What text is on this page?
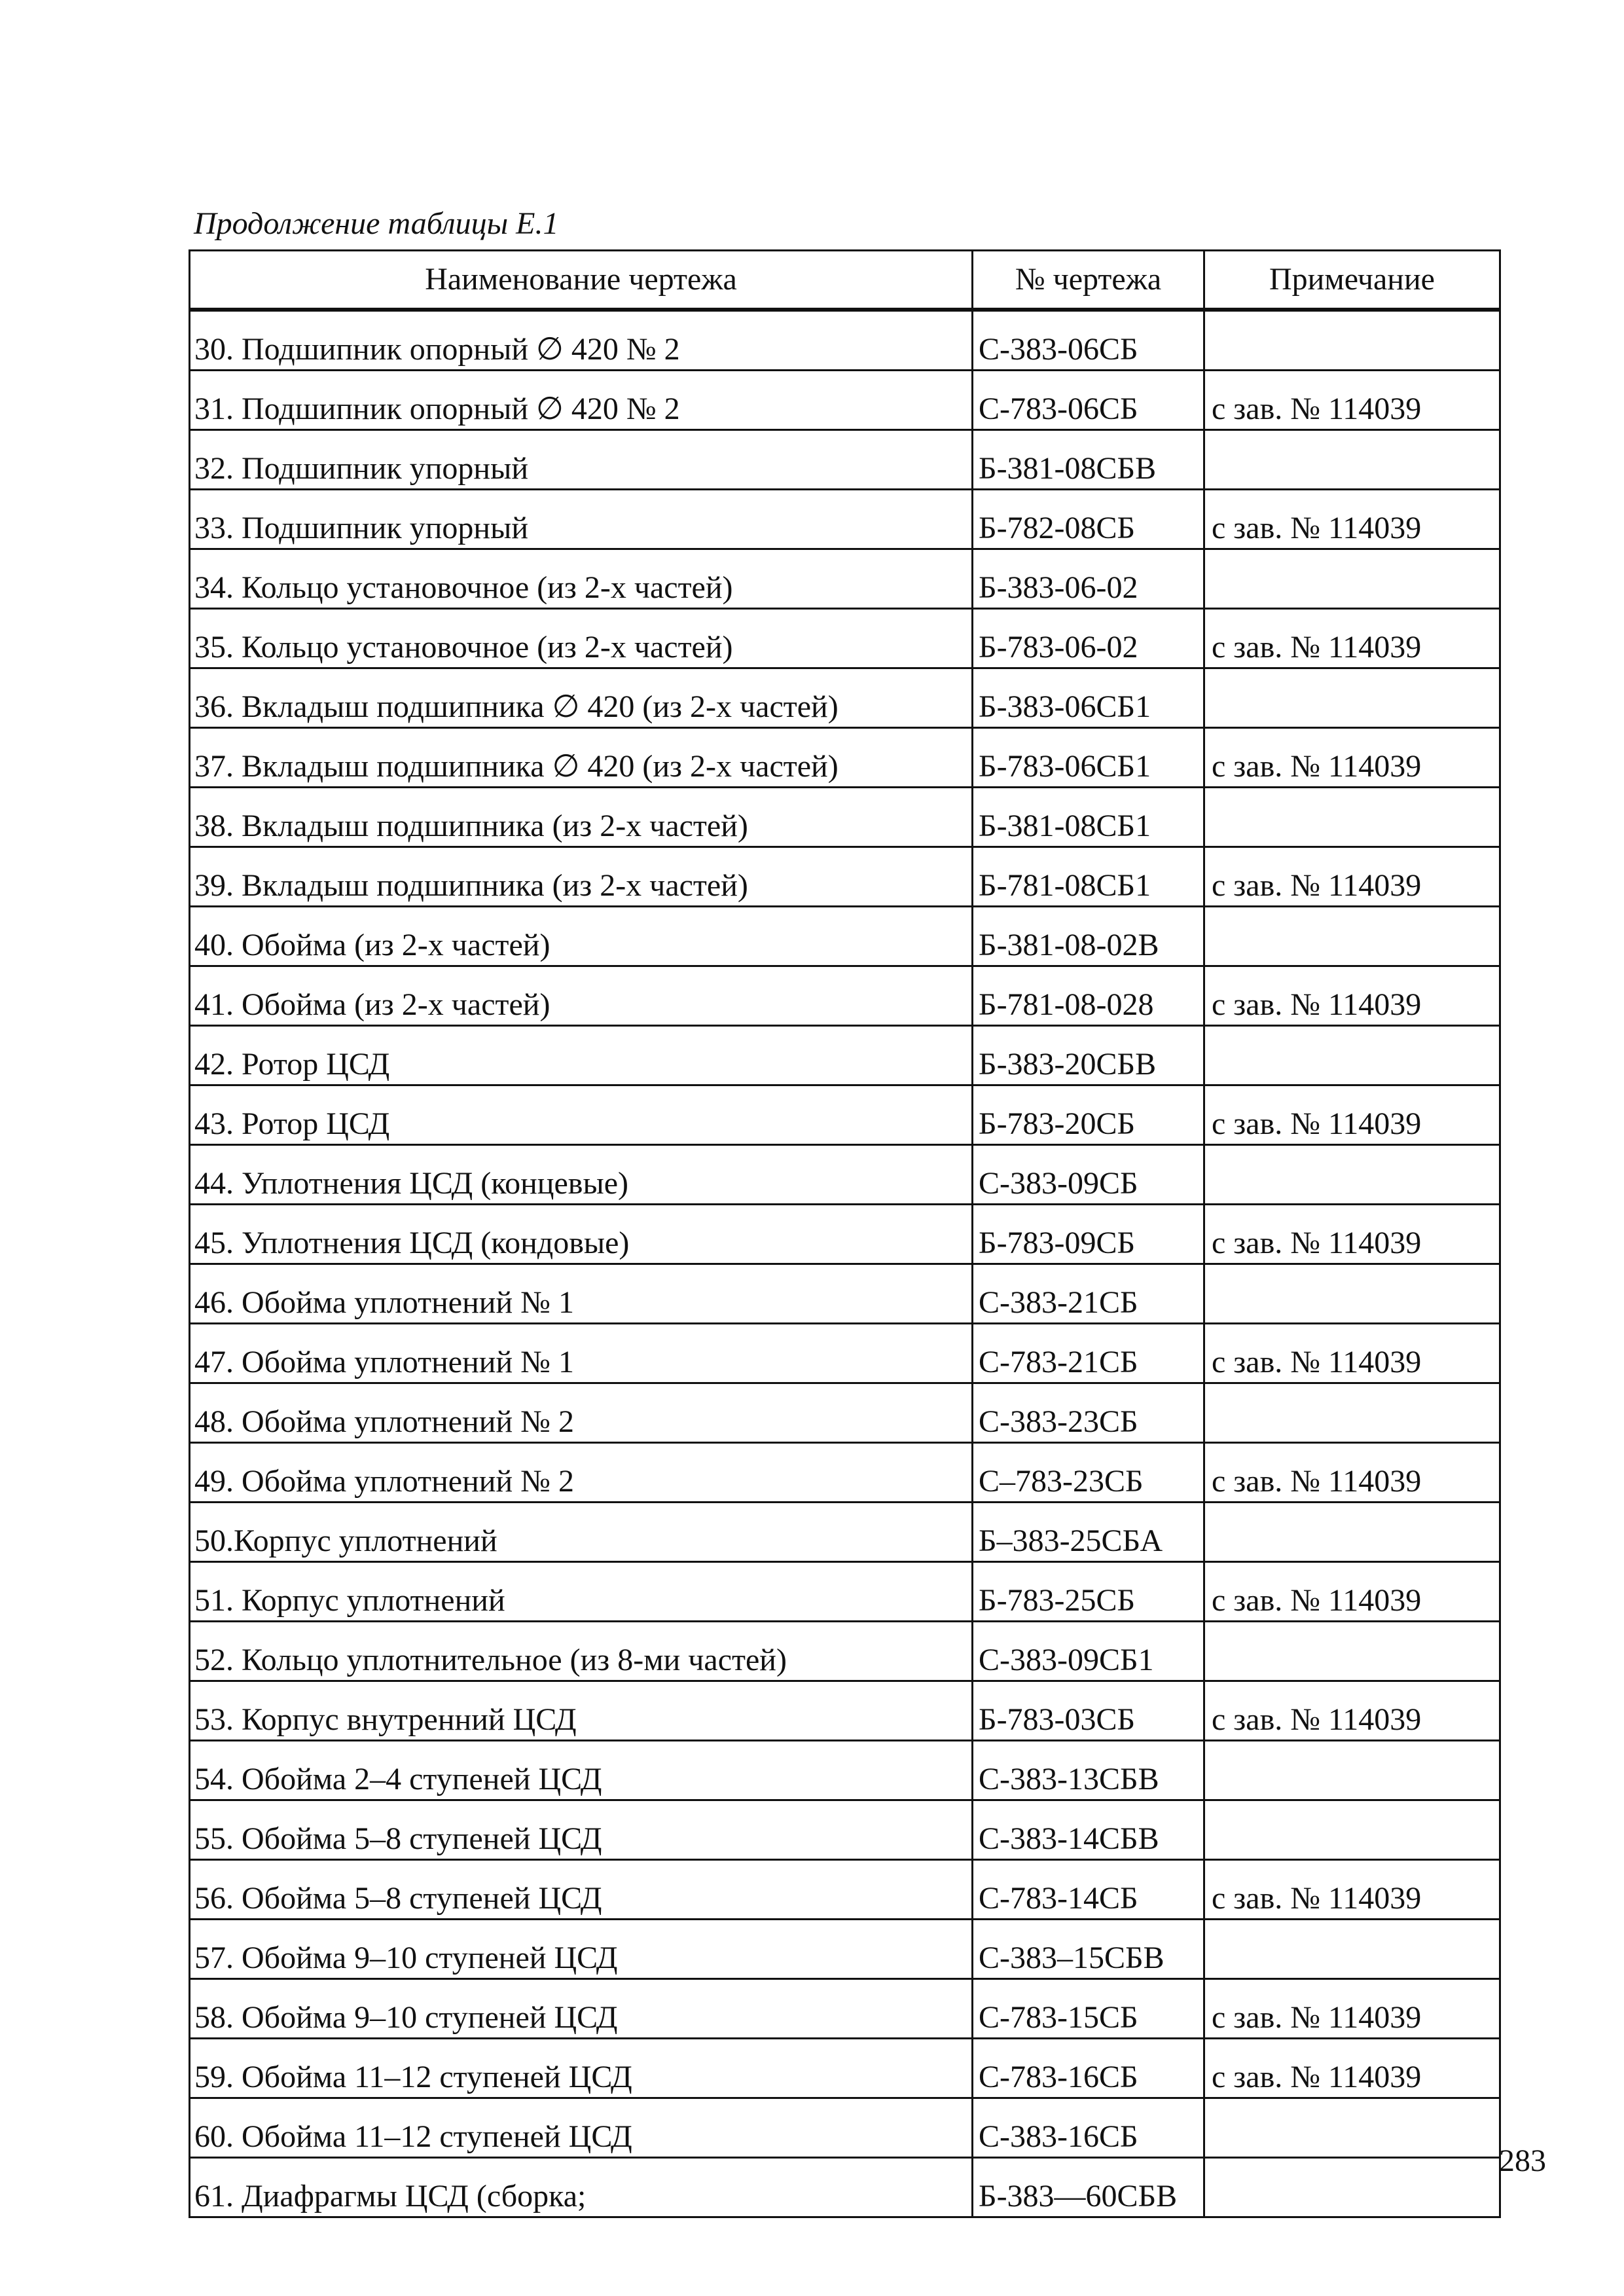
Продолжение таблицы Е.1
Наименование чертежа	№ чертежа	Примечание
30. Подшипник опорный ∅ 420 № 2	С-383-06СБ	
31. Подшипник опорный ∅ 420 № 2	С-783-06СБ	с зав. № 114039
32. Подшипник упорный	Б-381-08СБВ	
33. Подшипник упорный	Б-782-08СБ	с зав. № 114039
34. Кольцо установочное (из 2-х частей)	Б-383-06-02	
35. Кольцо установочное (из 2-х частей)	Б-783-06-02	с зав. № 114039
36. Вкладыш подшипника ∅ 420 (из 2-х частей)	Б-383-06СБ1	
37. Вкладыш подшипника ∅ 420 (из 2-х частей)	Б-783-06СБ1	с зав. № 114039
38. Вкладыш подшипника (из 2-х частей)	Б-381-08СБ1	
39. Вкладыш подшипника (из 2-х частей)	Б-781-08СБ1	с зав. № 114039
40. Обойма (из 2-х частей)	Б-381-08-02В	
41. Обойма (из 2-х частей)	Б-781-08-028	с зав. № 114039
42. Ротор ЦСД	Б-383-20СБВ	
43. Ротор ЦСД	Б-783-20СБ	с зав. № 114039
44. Уплотнения ЦСД (концевые)	С-383-09СБ	
45. Уплотнения ЦСД (кондовые)	Б-783-09СБ	с зав. № 114039
46. Обойма уплотнений № 1	С-383-21СБ	
47. Обойма уплотнений № 1	С-783-21СБ	с зав. № 114039
48. Обойма уплотнений № 2	С-383-23СБ	
49. Обойма уплотнений № 2	С–783-23СБ	с зав. № 114039
50.Корпус уплотнений	Б–383-25СБА	
51. Корпус уплотнений	Б-783-25СБ	с зав. № 114039
52. Кольцо уплотнительное (из 8-ми частей)	С-383-09СБ1	
53. Корпус внутренний ЦСД	Б-783-03СБ	с зав. № 114039
54. Обойма 2–4 ступеней ЦСД	С-383-13СБВ	
55. Обойма 5–8 ступеней ЦСД	С-383-14СБВ	
56. Обойма 5–8 ступеней ЦСД	С-783-14СБ	с зав. № 114039
57. Обойма 9–10 ступеней ЦСД	С-383–15СБВ	
58. Обойма 9–10 ступеней ЦСД	С-783-15СБ	с зав. № 114039
59. Обойма 11–12 ступеней ЦСД	С-783-16СБ	с зав. № 114039
60. Обойма 11–12 ступеней ЦСД	С-383-16СБ	
61. Диафрагмы ЦСД (сборка;	Б-383—60СБВ	
283
